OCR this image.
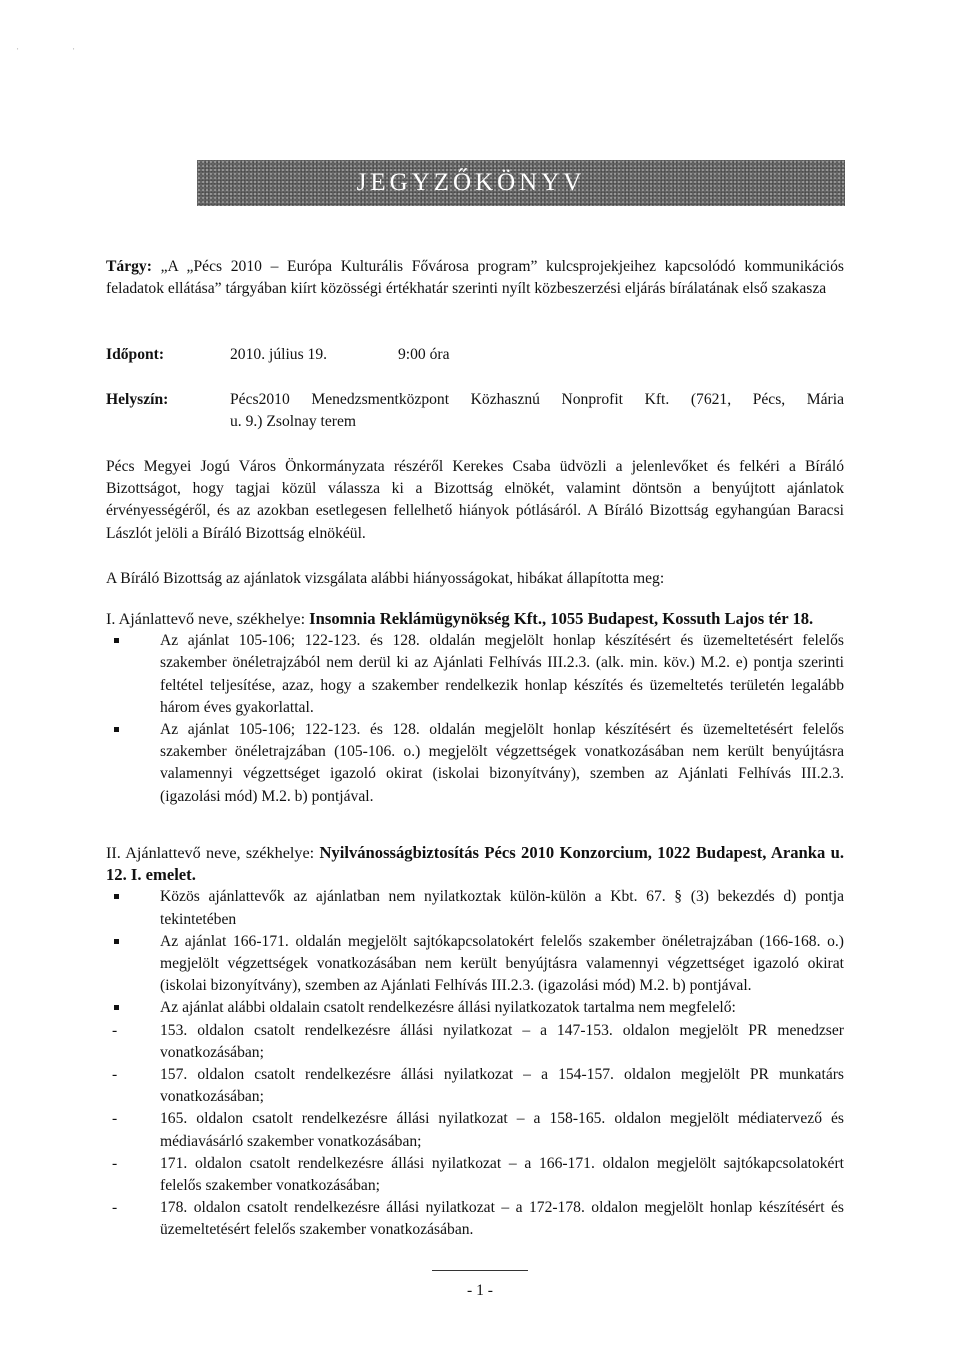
⋅	⋅
JEGYZŐKÖNYV
Tárgy: „A „Pécs 2010 – Európa Kulturális Fővárosa program” kulcsprojekjeihez kapcsolódó kommunikációs feladatok ellátása” tárgyában kiírt közösségi értékhatár szerinti nyílt közbeszerzési eljárás bírálatának első szakasza
Időpont:	2010. július 19.	9:00 óra
Helyszín:	Pécs2010 Menedzsmentközpont Közhasznú Nonprofit Kft. (7621, Pécs, Mária
u. 9.) Zsolnay terem
Pécs Megyei Jogú Város Önkormányzata részéről Kerekes Csaba üdvözli a jelenlevőket és felkéri a Bíráló Bizottságot, hogy tagjai közül válassza ki a Bizottság elnökét, valamint döntsön a benyújtott ajánlatok érvényességéről, és az azokban esetlegesen fellelhető hiányok pótlásáról. A Bíráló Bizottság egyhangúan Baracsi Lászlót jelöli a Bíráló Bizottság elnökéül.
A Bíráló Bizottság az ajánlatok vizsgálata alábbi hiányosságokat, hibákat állapította meg:
I. Ajánlattevő neve, székhelye: Insomnia Reklámügynökség Kft., 1055 Budapest, Kossuth Lajos tér 18.
Az ajánlat 105-106; 122-123. és 128. oldalán megjelölt honlap készítésért és üzemeltetésért felelős szakember önéletrajzából nem derül ki az Ajánlati Felhívás III.2.3. (alk. min. köv.) M.2. e) pontja szerinti feltétel teljesítése, azaz, hogy a szakember rendelkezik honlap készítés és üzemeltetés területén legalább három éves gyakorlattal.
Az ajánlat 105-106; 122-123. és 128. oldalán megjelölt honlap készítésért és üzemeltetésért felelős szakember önéletrajzában (105-106. o.) megjelölt végzettségek vonatkozásában nem került benyújtásra valamennyi végzettséget igazoló okirat (iskolai bizonyítvány), szemben az Ajánlati Felhívás III.2.3. (igazolási mód) M.2. b) pontjával.
II. Ajánlattevő neve, székhelye: Nyilvánosságbiztosítás Pécs 2010 Konzorcium, 1022 Budapest, Aranka u. 12. I. emelet.
Közös ajánlattevők az ajánlatban nem nyilatkoztak külön-külön a Kbt. 67. § (3) bekezdés d) pontja tekintetében
Az ajánlat 166-171. oldalán megjelölt sajtókapcsolatokért felelős szakember önéletrajzában (166-168. o.) megjelölt végzettségek vonatkozásában nem került benyújtásra valamennyi végzettséget igazoló okirat (iskolai bizonyítvány), szemben az Ajánlati Felhívás III.2.3. (igazolási mód) M.2. b) pontjával.
Az ajánlat alábbi oldalain csatolt rendelkezésre állási nyilatkozatok tartalma nem megfelelő:
-	153. oldalon csatolt rendelkezésre állási nyilatkozat – a 147-153. oldalon megjelölt PR menedzser vonatkozásában;
-	157. oldalon csatolt rendelkezésre állási nyilatkozat – a 154-157. oldalon megjelölt PR munkatárs vonatkozásában;
-	165. oldalon csatolt rendelkezésre állási nyilatkozat – a 158-165. oldalon megjelölt médiatervező és médiavásárló szakember vonatkozásában;
-	171. oldalon csatolt rendelkezésre állási nyilatkozat – a 166-171. oldalon megjelölt sajtókapcsolatokért felelős szakember vonatkozásában;
-	178. oldalon csatolt rendelkezésre állási nyilatkozat – a 172-178. oldalon megjelölt honlap készítésért és üzemeltetésért felelős szakember vonatkozásában.
- 1 -
